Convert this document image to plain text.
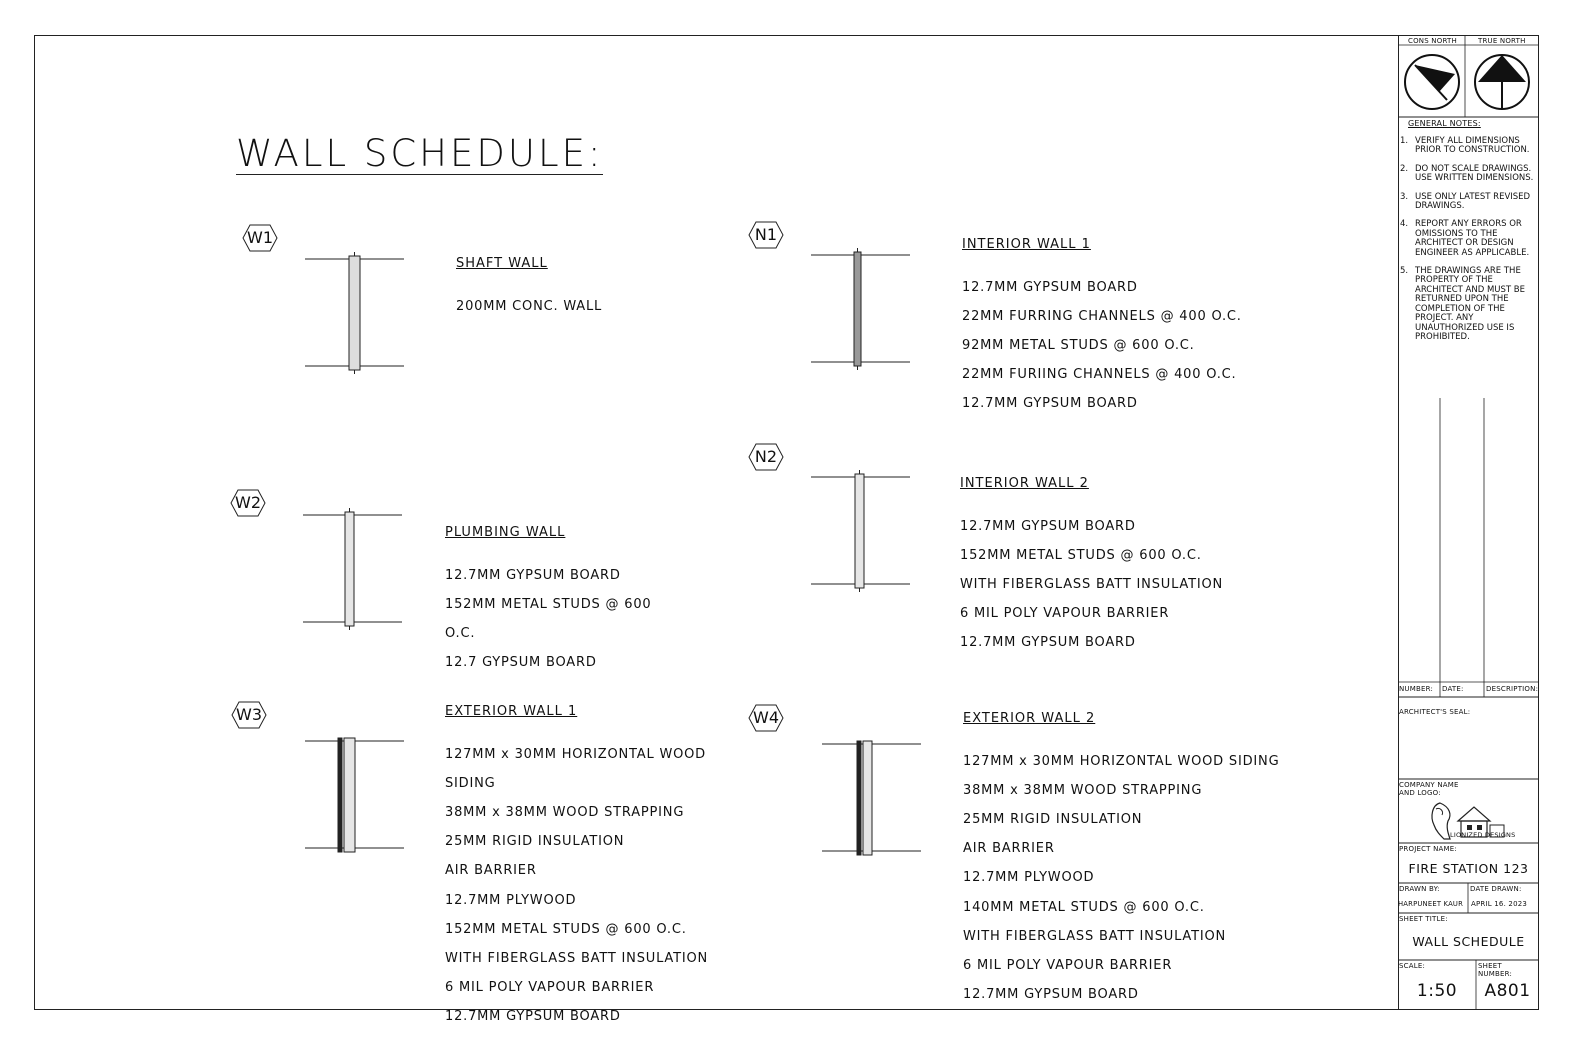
WALL SCHEDULE:
W1
SHAFT WALL

200MM CONC. WALL

W2
PLUMBING WALL

12.7MM GYPSUM BOARD

152MM METAL STUDS @ 600

O.C.

12.7 GYPSUM BOARD

W3	EXTERIOR WALL 1

127MM x 30MM HORIZONTAL WOOD

SIDING

38MM x 38MM WOOD STRAPPING

25MM RIGID INSULATION

AIR BARRIER

12.7MM PLYWOOD

152MM METAL STUDS @ 600 O.C.

WITH FIBERGLASS BATT INSULATION

6 MIL POLY VAPOUR BARRIER

12.7MM GYPSUM BOARD

N1
INTERIOR WALL 1

12.7MM GYPSUM BOARD

22MM FURRING CHANNELS @ 400 O.C.

92MM METAL STUDS @ 600 O.C.

22MM FURIING CHANNELS @ 400 O.C.

12.7MM GYPSUM BOARD

N2
INTERIOR WALL 2

12.7MM GYPSUM BOARD

152MM METAL STUDS @ 600 O.C.

WITH FIBERGLASS BATT INSULATION

6 MIL POLY VAPOUR BARRIER

12.7MM GYPSUM BOARD

W4	EXTERIOR WALL 2

127MM x 30MM HORIZONTAL WOOD SIDING

38MM x 38MM WOOD STRAPPING

25MM RIGID INSULATION

AIR BARRIER

12.7MM PLYWOOD

140MM METAL STUDS @ 600 O.C.

WITH FIBERGLASS BATT INSULATION

6 MIL POLY VAPOUR BARRIER

12.7MM GYPSUM BOARD

CONS NORTH	TRUE NORTH
GENERAL NOTES:
1. VERIFY ALL DIMENSIONS PRIOR TO CONSTRUCTION.
2. DO NOT SCALE DRAWINGS. USE WRITTEN DIMENSIONS.
3. USE ONLY LATEST REVISED DRAWINGS.
4. REPORT ANY ERRORS OR OMISSIONS TO THE ARCHITECT OR DESIGN ENGINEER AS APPLICABLE.
5. THE DRAWINGS ARE THE PROPERTY OF THE ARCHITECT AND MUST BE RETURNED UPON THE COMPLETION OF THE PROJECT. ANY UNAUTHORIZED USE IS PROHIBITED.
NUMBER: DATE:	DESCRIPTION:
ARCHITECT'S SEAL:
COMPANY NAME
AND LOGO:
LIONIZED DESIGNS
PROJECT NAME:
FIRE STATION 123
DRAWN BY:
HARPUNEET KAUR
DATE DRAWN:
APRIL 16. 2023
SHEET TITLE:
WALL SCHEDULE
SCALE:
1:50
SHEET
NUMBER:
A801
